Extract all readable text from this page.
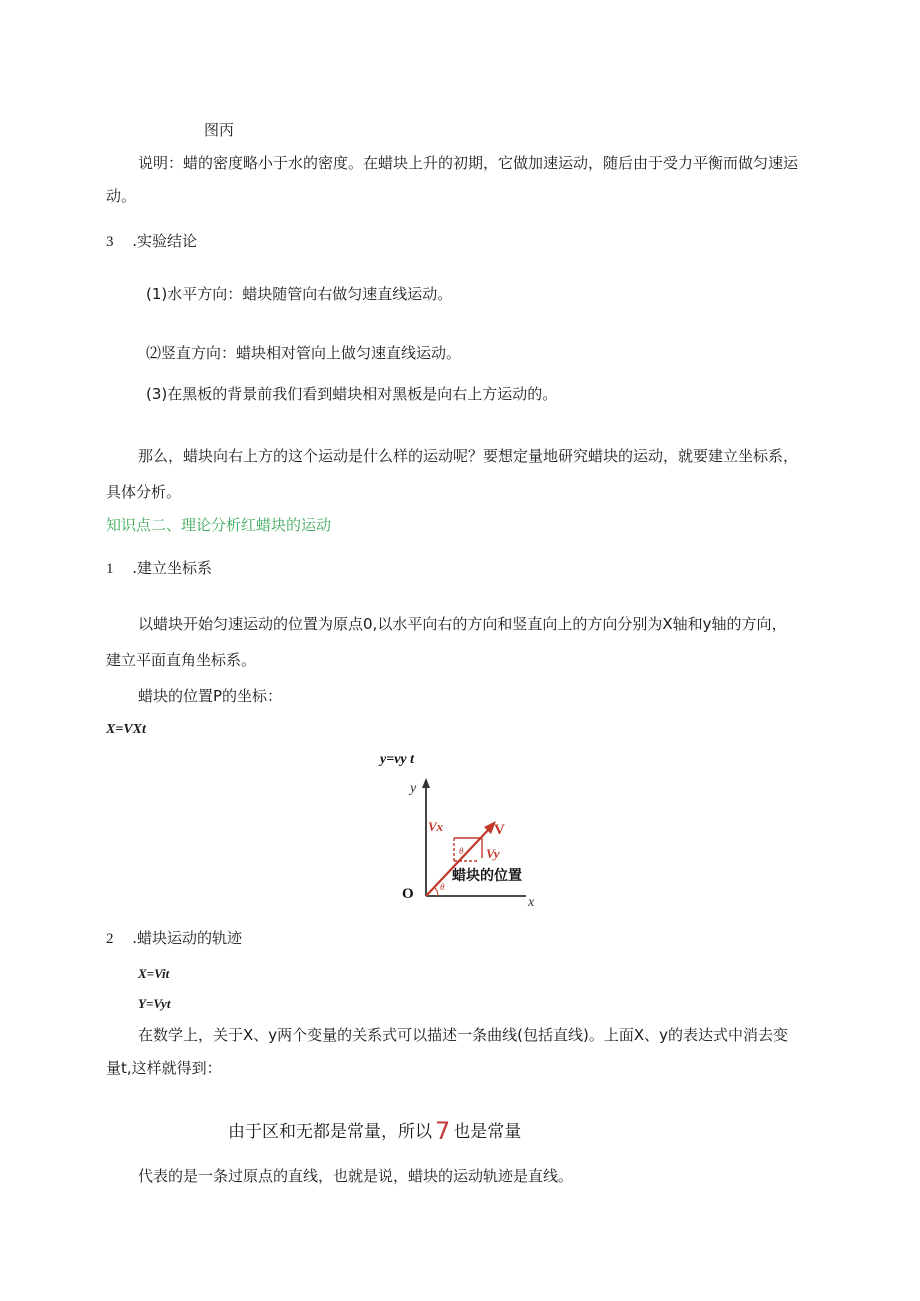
图丙
说明：蜡的密度略小于水的密度。在蜡块上升的初期，它做加速运动，随后由于受力平衡而做匀速运
动。
3 .实验结论
(1)水平方向：蜡块随管向右做匀速直线运动。
⑵竖直方向：蜡块相对管向上做匀速直线运动。
(3)在黑板的背景前我们看到蜡块相对黑板是向右上方运动的。
那么，蜡块向右上方的这个运动是什么样的运动呢？要想定量地研究蜡块的运动，就要建立坐标系，
具体分析。
知识点二、理论分析红蜡块的运动
1 .建立坐标系
以蜡块开始匀速运动的位置为原点0,以水平向右的方向和竖直向上的方向分别为X轴和y轴的方向，
建立平面直角坐标系。
蜡块的位置P的坐标：
X=VXt
y=vy t
y
x
O
Vx	V
Vy
θ
θ
蜡块的位置
2 .蜡块运动的轨迹
X=Vit
Y=Vyt
在数学上，关于X、y两个变量的关系式可以描述一条曲线(包括直线)。上面X、y的表达式中消去变
量t,这样就得到：
由于区和无都是常量，所以 7 也是常量
代表的是一条过原点的直线，也就是说，蜡块的运动轨迹是直线。
